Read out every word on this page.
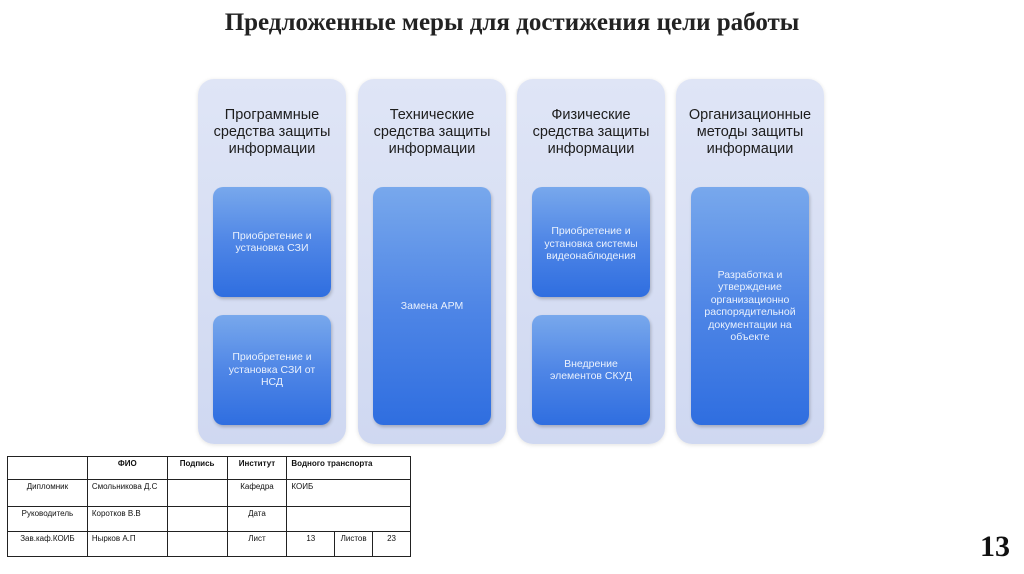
Предложенные меры для достижения цели работы
Программные средства защиты информации
Приобретение и установка СЗИ
Приобретение и установка СЗИ от НСД
Технические средства защиты информации
Замена АРМ
Физические средства защиты информации
Приобретение и установка системы видеонаблюдения
Внедрение элементов СКУД
Организационные методы защиты информации
Разработка и утверждение организационно распорядительной документации на объекте
	ФИО	Подпись	Институт	Водного транспорта		
Дипломник	Смольникова Д.С		Кафедра	КОИБ		
Руководитель	Коротков В.В		Дата			
Зав.каф.КОИБ	Нырков А.П		Лист	13	Листов	23	13
